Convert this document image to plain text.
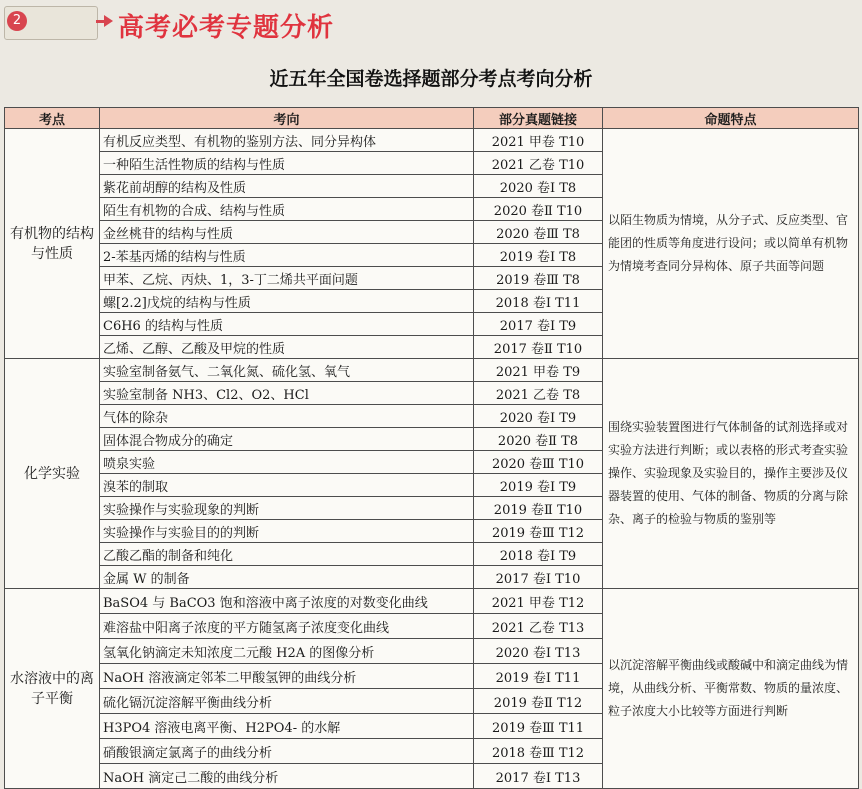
2	高考必考专题分析
近五年全国卷选择题部分考点考向分析
考点	考向	部分真题链接	命题特点
有机物的结构与性质	有机反应类型、有机物的鉴别方法、同分异构体	2021 甲卷 T10	以陌生物质为情境，从分子式、反应类型、官能团的性质等角度进行设问；或以简单有机物为情境考查同分异构体、原子共面等问题
	一种陌生活性物质的结构与性质	2021 乙卷 T10	
	紫花前胡醇的结构及性质	2020 卷Ⅰ T8	
	陌生有机物的合成、结构与性质	2020 卷Ⅱ T10	
	金丝桃苷的结构与性质	2020 卷Ⅲ T8	
	2-苯基丙烯的结构与性质	2019 卷Ⅰ T8	
	甲苯、乙烷、丙炔、1，3-丁二烯共平面问题	2019 卷Ⅲ T8	
	螺[2.2]戊烷的结构与性质	2018 卷Ⅰ T11	
	C6H6 的结构与性质	2017 卷Ⅰ T9	
	乙烯、乙醇、乙酸及甲烷的性质	2017 卷Ⅱ T10	
化学实验	实验室制备氨气、二氧化氮、硫化氢、氧气	2021 甲卷 T9	围绕实验装置图进行气体制备的试剂选择或对实验方法进行判断；或以表格的形式考查实验操作、实验现象及实验目的，操作主要涉及仪器装置的使用、气体的制备、物质的分离与除杂、离子的检验与物质的鉴别等
	实验室制备 NH3、Cl2、O2、HCl	2021 乙卷 T8	
	气体的除杂	2020 卷Ⅰ T9	
	固体混合物成分的确定	2020 卷Ⅱ T8	
	喷泉实验	2020 卷Ⅲ T10	
	溴苯的制取	2019 卷Ⅰ T9	
	实验操作与实验现象的判断	2019 卷Ⅱ T10	
	实验操作与实验目的的判断	2019 卷Ⅲ T12	
	乙酸乙酯的制备和纯化	2018 卷Ⅰ T9	
	金属 W 的制备	2017 卷Ⅰ T10	
水溶液中的离子平衡	BaSO4 与 BaCO3 饱和溶液中离子浓度的对数变化曲线	2021 甲卷 T12	以沉淀溶解平衡曲线或酸碱中和滴定曲线为情境，从曲线分析、平衡常数、物质的量浓度、粒子浓度大小比较等方面进行判断
	难溶盐中阳离子浓度的平方随氢离子浓度变化曲线	2021 乙卷 T13	
	氢氧化钠滴定未知浓度二元酸 H2A 的图像分析	2020 卷Ⅰ T13	
	NaOH 溶液滴定邻苯二甲酸氢钾的曲线分析	2019 卷Ⅰ T11	
	硫化镉沉淀溶解平衡曲线分析	2019 卷Ⅱ T12	
	H3PO4 溶液电离平衡、H2PO4- 的水解	2019 卷Ⅲ T11	
	硝酸银滴定氯离子的曲线分析	2018 卷Ⅲ T12	
	NaOH 滴定己二酸的曲线分析	2017 卷Ⅰ T13	
